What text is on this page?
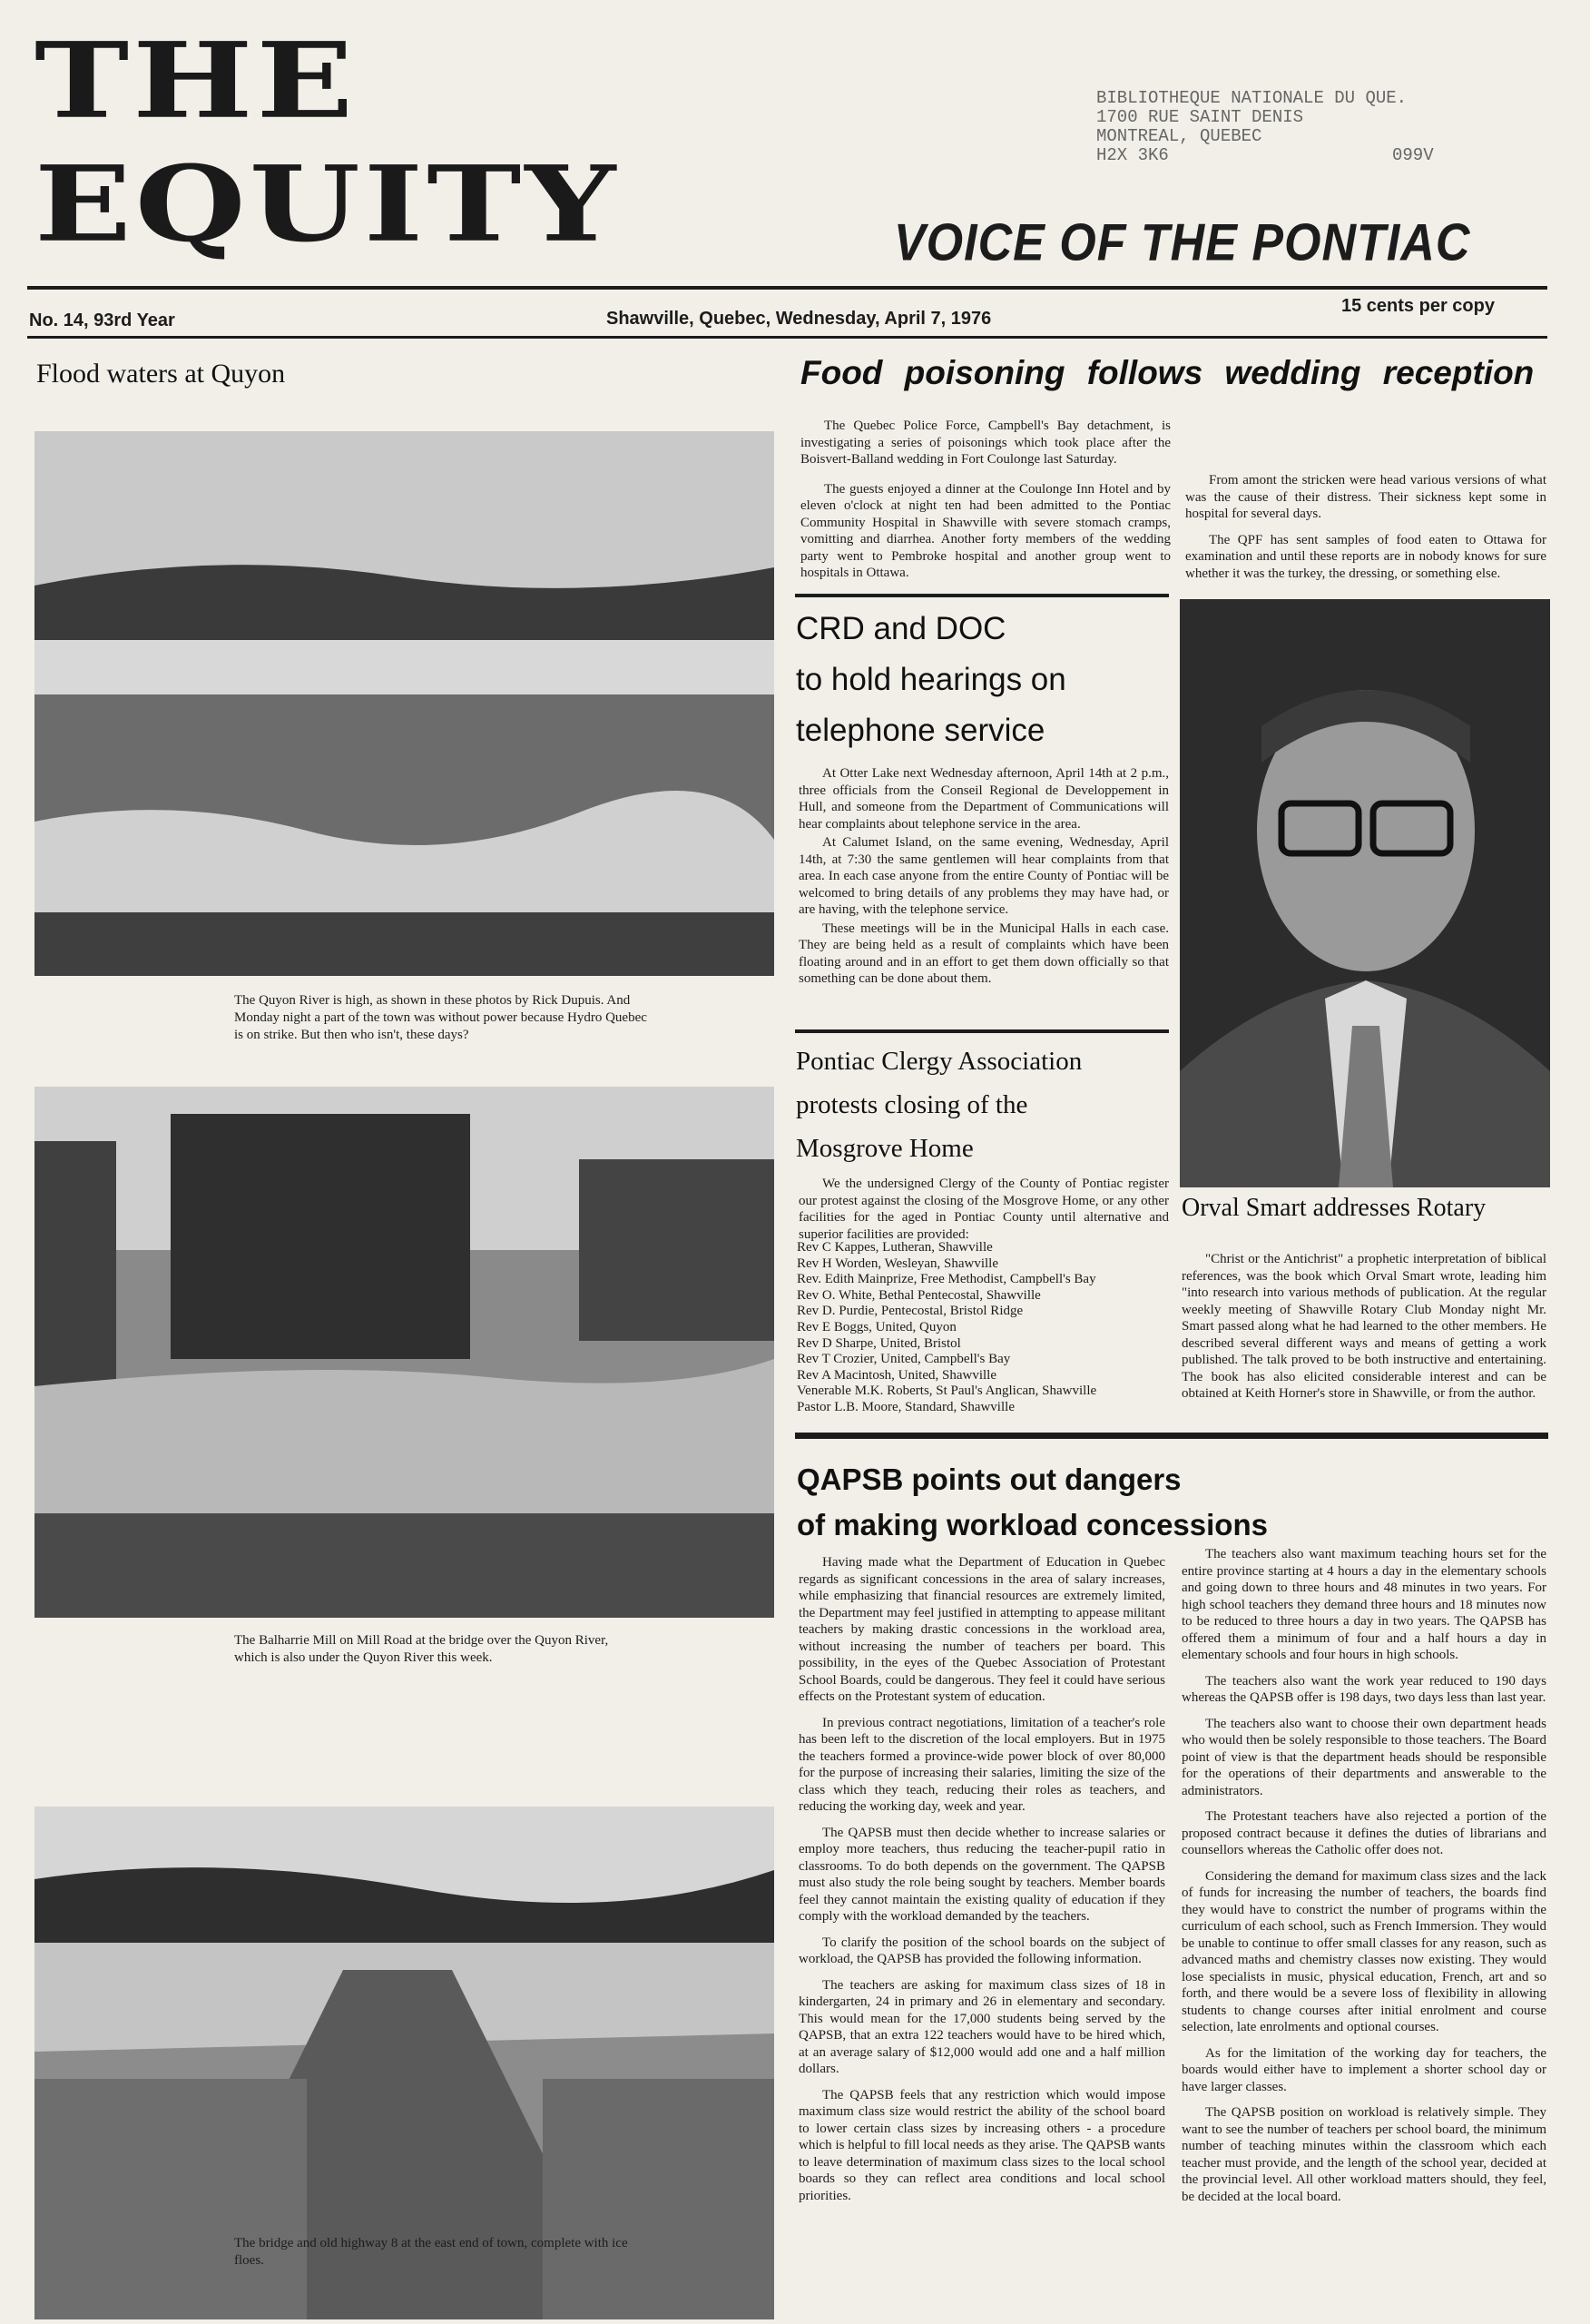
THE
EQUITY
BIBLIOTHEQUE NATIONALE DU QUE.
1700 RUE SAINT DENIS
MONTREAL, QUEBEC
H2X 3K6	099V
VOICE OF THE PONTIAC
No. 14, 93rd Year	Shawville, Quebec, Wednesday, April 7, 1976
15 cents per copy
Flood waters at Quyon
The Quyon River is high, as shown in these photos by Rick Dupuis. And Monday night a part of the town was without power because Hydro Quebec is on strike. But then who isn't, these days?
The Balharrie Mill on Mill Road at the bridge over the Quyon River, which is also under the Quyon River this week.
The bridge and old highway 8 at the east end of town, complete with ice floes.
Food poisoning follows wedding reception

The Quebec Police Force, Campbell's Bay detachment, is investigating a series of poisonings which took place after the Boisvert-Balland wedding in Fort Coulonge last Saturday.

The guests enjoyed a dinner at the Coulonge Inn Hotel and by eleven o'clock at night ten had been admitted to the Pontiac Community Hospital in Shawville with severe stomach cramps, vomitting and diarrhea. Another forty members of the wedding party went to Pembroke hospital and another group went to hospitals in Ottawa.

From amont the stricken were head various versions of what was the cause of their distress. Their sickness kept some in hospital for several days.

The QPF has sent samples of food eaten to Ottawa for examination and until these reports are in nobody knows for sure whether it was the turkey, the dressing, or something else.

CRD and DOC
to hold hearings on
telephone service

At Otter Lake next Wednesday afternoon, April 14th at 2 p.m., three officials from the Conseil Regional de Developpement in Hull, and someone from the Department of Communications will hear complaints about telephone service in the area.

At Calumet Island, on the same evening, Wednesday, April 14th, at 7:30 the same gentlemen will hear complaints from that area. In each case anyone from the entire County of Pontiac will be welcomed to bring details of any problems they may have had, or are having, with the telephone service.

These meetings will be in the Municipal Halls in each case. They are being held as a result of complaints which have been floating around and in an effort to get them down officially so that something can be done about them.

Pontiac Clergy Association
protests closing of the
Mosgrove Home
We the undersigned Clergy of the County of Pontiac register our protest against the closing of the Mosgrove Home, or any other facilities for the aged in Pontiac County until alternative and superior facilities are provided:
Rev C Kappes, Lutheran, Shawville
Rev H Worden, Wesleyan, Shawville
Rev. Edith Mainprize, Free Methodist, Campbell's Bay
Rev O. White, Bethal Pentecostal, Shawville
Rev D. Purdie, Pentecostal, Bristol Ridge
Rev E Boggs, United, Quyon
Rev D Sharpe, United, Bristol
Rev T Crozier, United, Campbell's Bay
Rev A Macintosh, United, Shawville
Venerable M.K. Roberts, St Paul's Anglican, Shawville
Pastor L.B. Moore, Standard, Shawville
Orval Smart addresses Rotary
"Christ or the Antichrist" a prophetic interpretation of biblical references, was the book which Orval Smart wrote, leading him "into research into various methods of publication. At the regular weekly meeting of Shawville Rotary Club Monday night Mr. Smart passed along what he had learned to the other members. He described several different ways and means of getting a work published. The talk proved to be both instructive and entertaining. The book has also elicited considerable interest and can be obtained at Keith Horner's store in Shawville, or from the author.
QAPSB points out dangers
of making workload concessions

Having made what the Department of Education in Quebec regards as significant concessions in the area of salary increases, while emphasizing that financial resources are extremely limited, the Department may feel justified in attempting to appease militant teachers by making drastic concessions in the workload area, without increasing the number of teachers per board. This possibility, in the eyes of the Quebec Association of Protestant School Boards, could be dangerous. They feel it could have serious effects on the Protestant system of education.

In previous contract negotiations, limitation of a teacher's role has been left to the discretion of the local employers. But in 1975 the teachers formed a province-wide power block of over 80,000 for the purpose of increasing their salaries, limiting the size of the class which they teach, reducing their roles as teachers, and reducing the working day, week and year.

The QAPSB must then decide whether to increase salaries or employ more teachers, thus reducing the teacher-pupil ratio in classrooms. To do both depends on the government. The QAPSB must also study the role being sought by teachers. Member boards feel they cannot maintain the existing quality of education if they comply with the workload demanded by the teachers.

To clarify the position of the school boards on the subject of workload, the QAPSB has provided the following information.

The teachers are asking for maximum class sizes of 18 in kindergarten, 24 in primary and 26 in elementary and secondary. This would mean for the 17,000 students being served by the QAPSB, that an extra 122 teachers would have to be hired which, at an average salary of $12,000 would add one and a half million dollars.

The QAPSB feels that any restriction which would impose maximum class size would restrict the ability of the school board to lower certain class sizes by increasing others - a procedure which is helpful to fill local needs as they arise. The QAPSB wants to leave determination of maximum class sizes to the local school boards so they can reflect area conditions and local school priorities.

The teachers also want maximum teaching hours set for the entire province starting at 4 hours a day in the elementary schools and going down to three hours and 48 minutes in two years. For high school teachers they demand three hours and 18 minutes now to be reduced to three hours a day in two years. The QAPSB has offered them a minimum of four and a half hours a day in elementary schools and four hours in high schools.

The teachers also want the work year reduced to 190 days whereas the QAPSB offer is 198 days, two days less than last year.

The teachers also want to choose their own department heads who would then be solely responsible to those teachers. The Board point of view is that the department heads should be responsible for the operations of their departments and answerable to the administrators.

The Protestant teachers have also rejected a portion of the proposed contract because it defines the duties of librarians and counsellors whereas the Catholic offer does not.

Considering the demand for maximum class sizes and the lack of funds for increasing the number of teachers, the boards find they would have to constrict the number of programs within the curriculum of each school, such as French Immersion. They would be unable to continue to offer small classes for any reason, such as advanced maths and chemistry classes now existing. They would lose specialists in music, physical education, French, art and so forth, and there would be a severe loss of flexibility in allowing students to change courses after initial enrolment and course selection, late enrolments and optional courses.

As for the limitation of the working day for teachers, the boards would either have to implement a shorter school day or have larger classes.

The QAPSB position on workload is relatively simple. They want to see the number of teachers per school board, the minimum number of teaching minutes within the classroom which each teacher must provide, and the length of the school year, decided at the provincial level. All other workload matters should, they feel, be decided at the local board.
